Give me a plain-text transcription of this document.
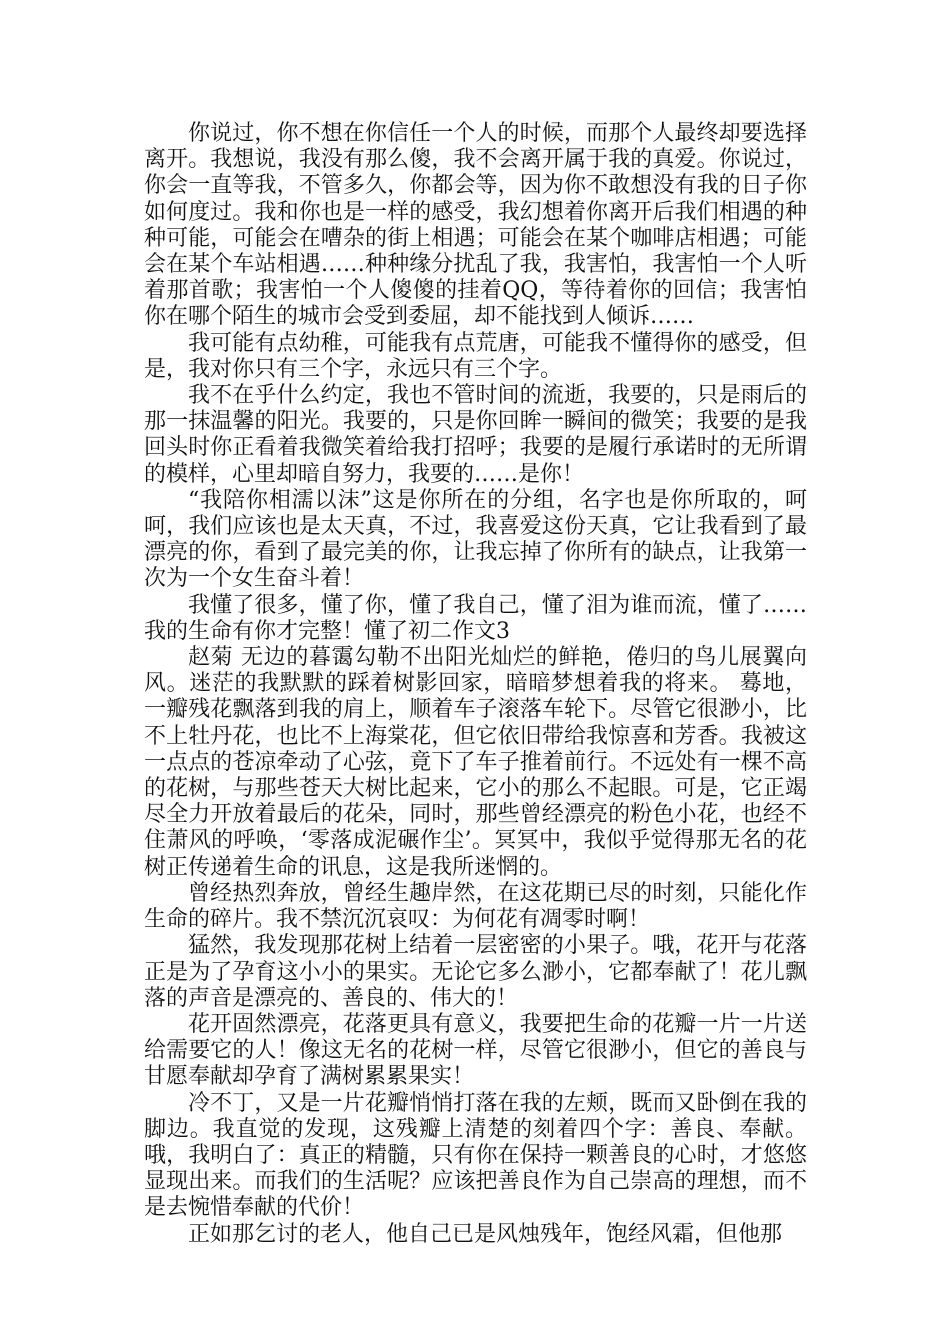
你说过，你不想在你信任一个人的时候，而那个人最终却要选择离开。我想说，我没有那么傻，我不会离开属于我的真爱。你说过，你会一直等我，不管多久，你都会等，因为你不敢想没有我的日子你如何度过。我和你也是一样的感受，我幻想着你离开后我们相遇的种种可能，可能会在嘈杂的街上相遇；可能会在某个咖啡店相遇；可能会在某个车站相遇……种种缘分扰乱了我，我害怕，我害怕一个人听着那首歌；我害怕一个人傻傻的挂着QQ，等待着你的回信；我害怕你在哪个陌生的城市会受到委屈，却不能找到人倾诉……

我可能有点幼稚，可能我有点荒唐，可能我不懂得你的感受，但是，我对你只有三个字，永远只有三个字。

我不在乎什么约定，我也不管时间的流逝，我要的，只是雨后的那一抹温馨的阳光。我要的，只是你回眸一瞬间的微笑；我要的是我回头时你正看着我微笑着给我打招呼；我要的是履行承诺时的无所谓的模样，心里却暗自努力，我要的……是你！

“我陪你相濡以沫”这是你所在的分组，名字也是你所取的，呵呵，我们应该也是太天真，不过，我喜爱这份天真，它让我看到了最漂亮的你，看到了最完美的你，让我忘掉了你所有的缺点，让我第一次为一个女生奋斗着！

我懂了很多，懂了你，懂了我自己，懂了泪为谁而流，懂了……我的生命有你才完整！懂了初二作文3

赵菊 无边的暮霭勾勒不出阳光灿烂的鲜艳，倦归的鸟儿展翼向风。迷茫的我默默的踩着树影回家，暗暗梦想着我的将来。 蓦地，一瓣残花飘落到我的肩上，顺着车子滚落车轮下。尽管它很渺小，比不上牡丹花，也比不上海棠花，但它依旧带给我惊喜和芳香。我被这一点点的苍凉牵动了心弦，竟下了车子推着前行。不远处有一棵不高的花树，与那些苍天大树比起来，它小的那么不起眼。可是，它正竭尽全力开放着最后的花朵，同时，那些曾经漂亮的粉色小花，也经不住萧风的呼唤，‘零落成泥碾作尘’。冥冥中，我似乎觉得那无名的花树正传递着生命的讯息，这是我所迷惘的。

曾经热烈奔放，曾经生趣岸然，在这花期已尽的时刻，只能化作生命的碎片。我不禁沉沉哀叹：为何花有凋零时啊！

猛然，我发现那花树上结着一层密密的小果子。哦，花开与花落正是为了孕育这小小的果实。无论它多么渺小，它都奉献了！花儿飘落的声音是漂亮的、善良的、伟大的！

花开固然漂亮，花落更具有意义，我要把生命的花瓣一片一片送给需要它的人！像这无名的花树一样，尽管它很渺小，但它的善良与甘愿奉献却孕育了满树累累果实！

冷不丁，又是一片花瓣悄悄打落在我的左颊，既而又卧倒在我的脚边。我直觉的发现，这残瓣上清楚的刻着四个字：善良、奉献。哦，我明白了：真正的精髓，只有你在保持一颗善良的心时，才悠悠显现出来。而我们的生活呢？应该把善良作为自己崇高的理想，而不是去惋惜奉献的代价！

正如那乞讨的老人，他自己已是风烛残年，饱经风霜，但他那
